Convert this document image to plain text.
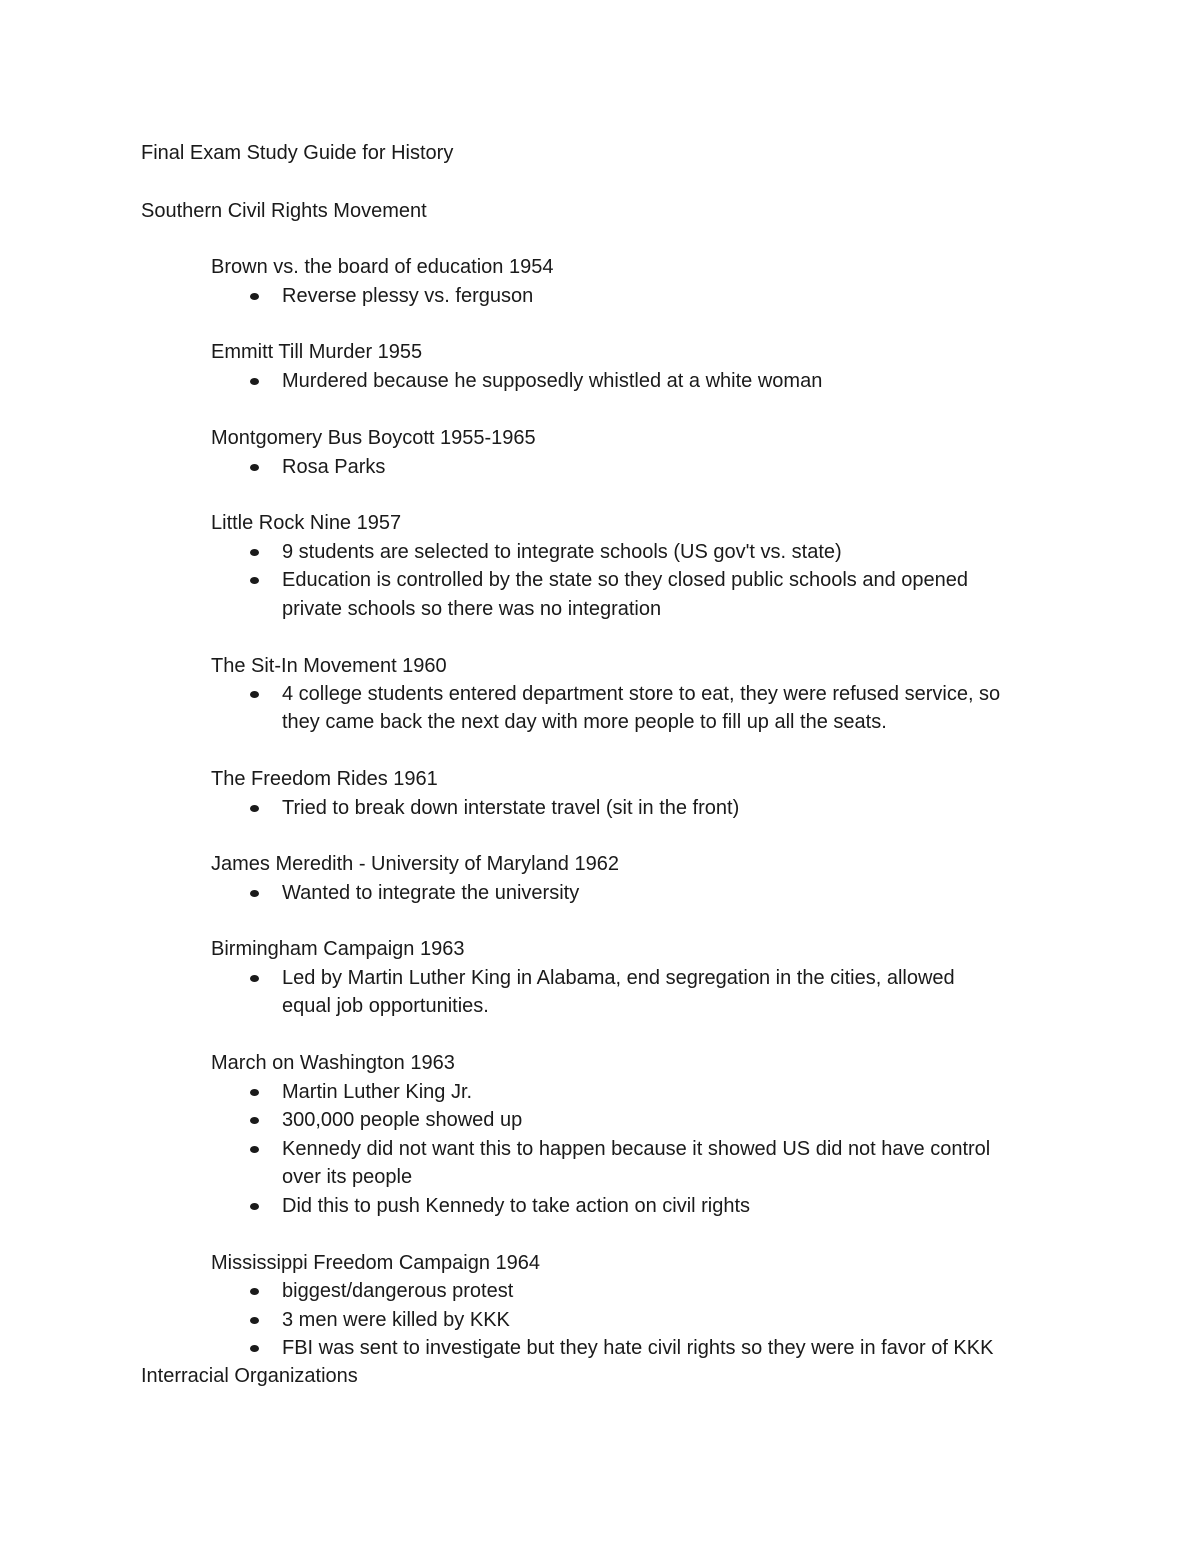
Final Exam Study Guide for History
Southern Civil Rights Movement
Brown vs. the board of education 1954
Reverse plessy vs. ferguson
Emmitt Till Murder 1955
Murdered because he supposedly whistled at a white woman
Montgomery Bus Boycott 1955-1965
Rosa Parks
Little Rock Nine 1957
9 students are selected to integrate schools (US gov't vs. state)
Education is controlled by the state so they closed public schools and opened
private schools so there was no integration
The Sit-In Movement 1960
4 college students entered department store to eat, they were refused service, so
they came back the next day with more people to fill up all the seats.
The Freedom Rides 1961
Tried to break down interstate travel (sit in the front)
James Meredith - University of Maryland 1962
Wanted to integrate the university
Birmingham Campaign 1963
Led by Martin Luther King in Alabama, end segregation in the cities, allowed
equal job opportunities.
March on Washington 1963
Martin Luther King Jr.
300,000 people showed up
Kennedy did not want this to happen because it showed US did not have control
over its people
Did this to push Kennedy to take action on civil rights
Mississippi Freedom Campaign 1964
biggest/dangerous protest
3 men were killed by KKK
FBI was sent to investigate but they hate civil rights so they were in favor of KKK
Interracial Organizations
